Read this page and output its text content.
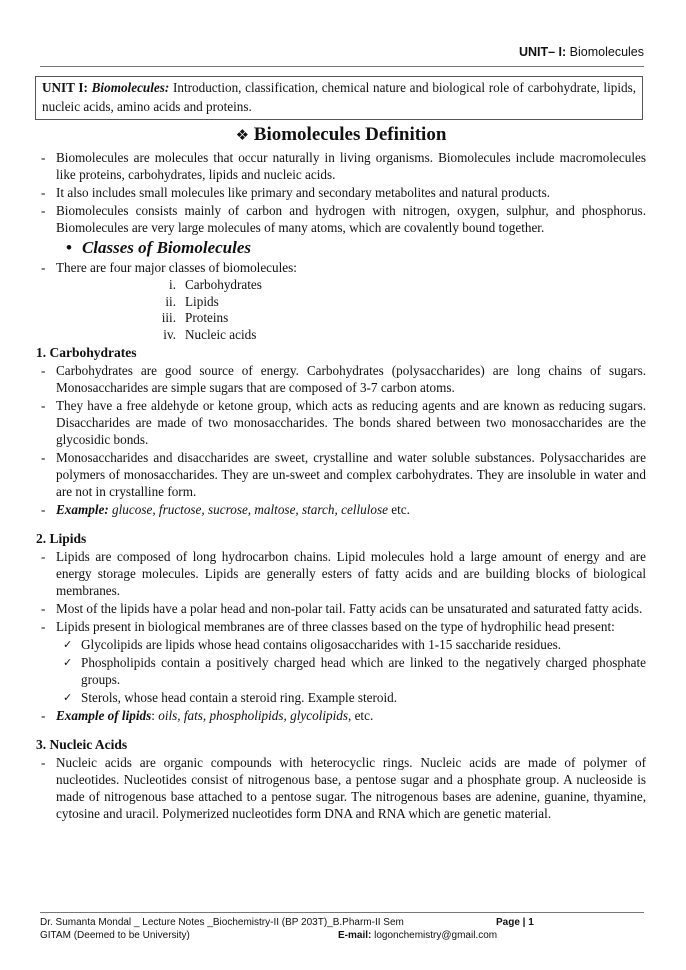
UNIT– I: Biomolecules
UNIT I: Biomolecules: Introduction, classification, chemical nature and biological role of carbohydrate, lipids, nucleic acids, amino acids and proteins.
❖ Biomolecules Definition
- Biomolecules are molecules that occur naturally in living organisms. Biomolecules include macromolecules like proteins, carbohydrates, lipids and nucleic acids.
- It also includes small molecules like primary and secondary metabolites and natural products.
- Biomolecules consists mainly of carbon and hydrogen with nitrogen, oxygen, sulphur, and phosphorus. Biomolecules are very large molecules of many atoms, which are covalently bound together.
• Classes of Biomolecules
- There are four major classes of biomolecules:
i. Carbohydrates
ii. Lipids
iii. Proteins
iv. Nucleic acids
1. Carbohydrates
- Carbohydrates are good source of energy. Carbohydrates (polysaccharides) are long chains of sugars. Monosaccharides are simple sugars that are composed of 3-7 carbon atoms.
- They have a free aldehyde or ketone group, which acts as reducing agents and are known as reducing sugars. Disaccharides are made of two monosaccharides. The bonds shared between two monosaccharides are the glycosidic bonds.
- Monosaccharides and disaccharides are sweet, crystalline and water soluble substances. Polysaccharides are polymers of monosaccharides. They are un-sweet and complex carbohydrates. They are insoluble in water and are not in crystalline form.
- Example: glucose, fructose, sucrose, maltose, starch, cellulose etc.
2. Lipids
- Lipids are composed of long hydrocarbon chains. Lipid molecules hold a large amount of energy and are energy storage molecules. Lipids are generally esters of fatty acids and are building blocks of biological membranes.
- Most of the lipids have a polar head and non-polar tail. Fatty acids can be unsaturated and saturated fatty acids.
- Lipids present in biological membranes are of three classes based on the type of hydrophilic head present:
✓ Glycolipids are lipids whose head contains oligosaccharides with 1-15 saccharide residues.
✓ Phospholipids contain a positively charged head which are linked to the negatively charged phosphate groups.
✓ Sterols, whose head contain a steroid ring. Example steroid.
- Example of lipids: oils, fats, phospholipids, glycolipids, etc.
3. Nucleic Acids
- Nucleic acids are organic compounds with heterocyclic rings. Nucleic acids are made of polymer of nucleotides. Nucleotides consist of nitrogenous base, a pentose sugar and a phosphate group. A nucleoside is made of nitrogenous base attached to a pentose sugar. The nitrogenous bases are adenine, guanine, thyamine, cytosine and uracil. Polymerized nucleotides form DNA and RNA which are genetic material.
Dr. Sumanta Mondal _ Lecture Notes _Biochemistry-II (BP 203T)_B.Pharm-II Sem	Page | 1
GITAM (Deemed to be University)	E-mail: logonchemistry@gmail.com
